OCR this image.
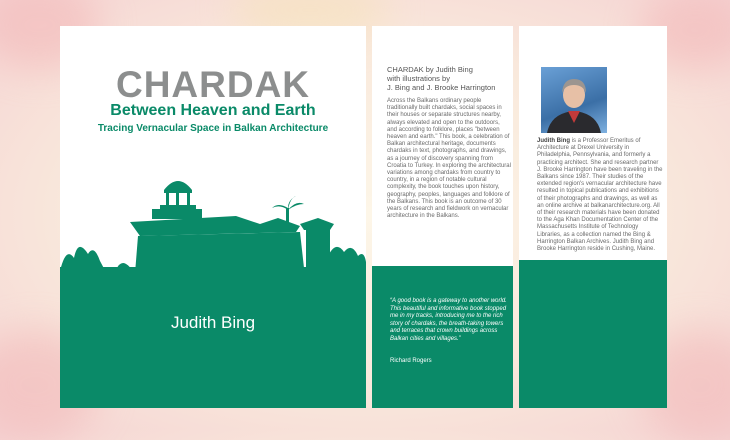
CHARDAK
Between Heaven and Earth
Tracing Vernacular Space in Balkan Architecture
Judith Bing
CHARDAK by Judith Bing
with illustrations by
J. Bing and J. Brooke Harrington
Across the Balkans ordinary people traditionally built chardaks, social spaces in their houses or separate structures nearby, always elevated and open to the outdoors, and according to folklore, places "between heaven and earth." This book, a celebration of Balkan architectural heritage, documents chardaks in text, photographs, and drawings, as a journey of discovery spanning from Croatia to Turkey. In exploring the architectural variations among chardaks from country to country, in a region of notable cultural complexity, the book touches upon history, geography, peoples, languages and folklore of the Balkans. This book is an outcome of 30 years of research and fieldwork on vernacular architecture in the Balkans.
“A good book is a gateway to another world. This beautiful and informative book stopped me in my tracks, introducing me to the rich story of chardaks, the breath-taking towers and terraces that crown buildings across Balkan cities and villages.”
Richard Rogers
Judith Bing is a Professor Emeritus of Architecture at Drexel University in Philadelphia, Pennsylvania, and formerly a practicing architect. She and research partner J. Brooke Harrington have been traveling in the Balkans since 1987. Their studies of the extended region's vernacular architecture have resulted in topical publications and exhibitions of their photographs and drawings, as well as an online archive at balkanarchitecture.org. All of their research materials have been donated to the Aga Khan Documentation Center of the Massachusetts Institute of Technology Libraries, as a collection named the Bing & Harrington Balkan Archives. Judith Bing and Brooke Harrington reside in Cushing, Maine.
